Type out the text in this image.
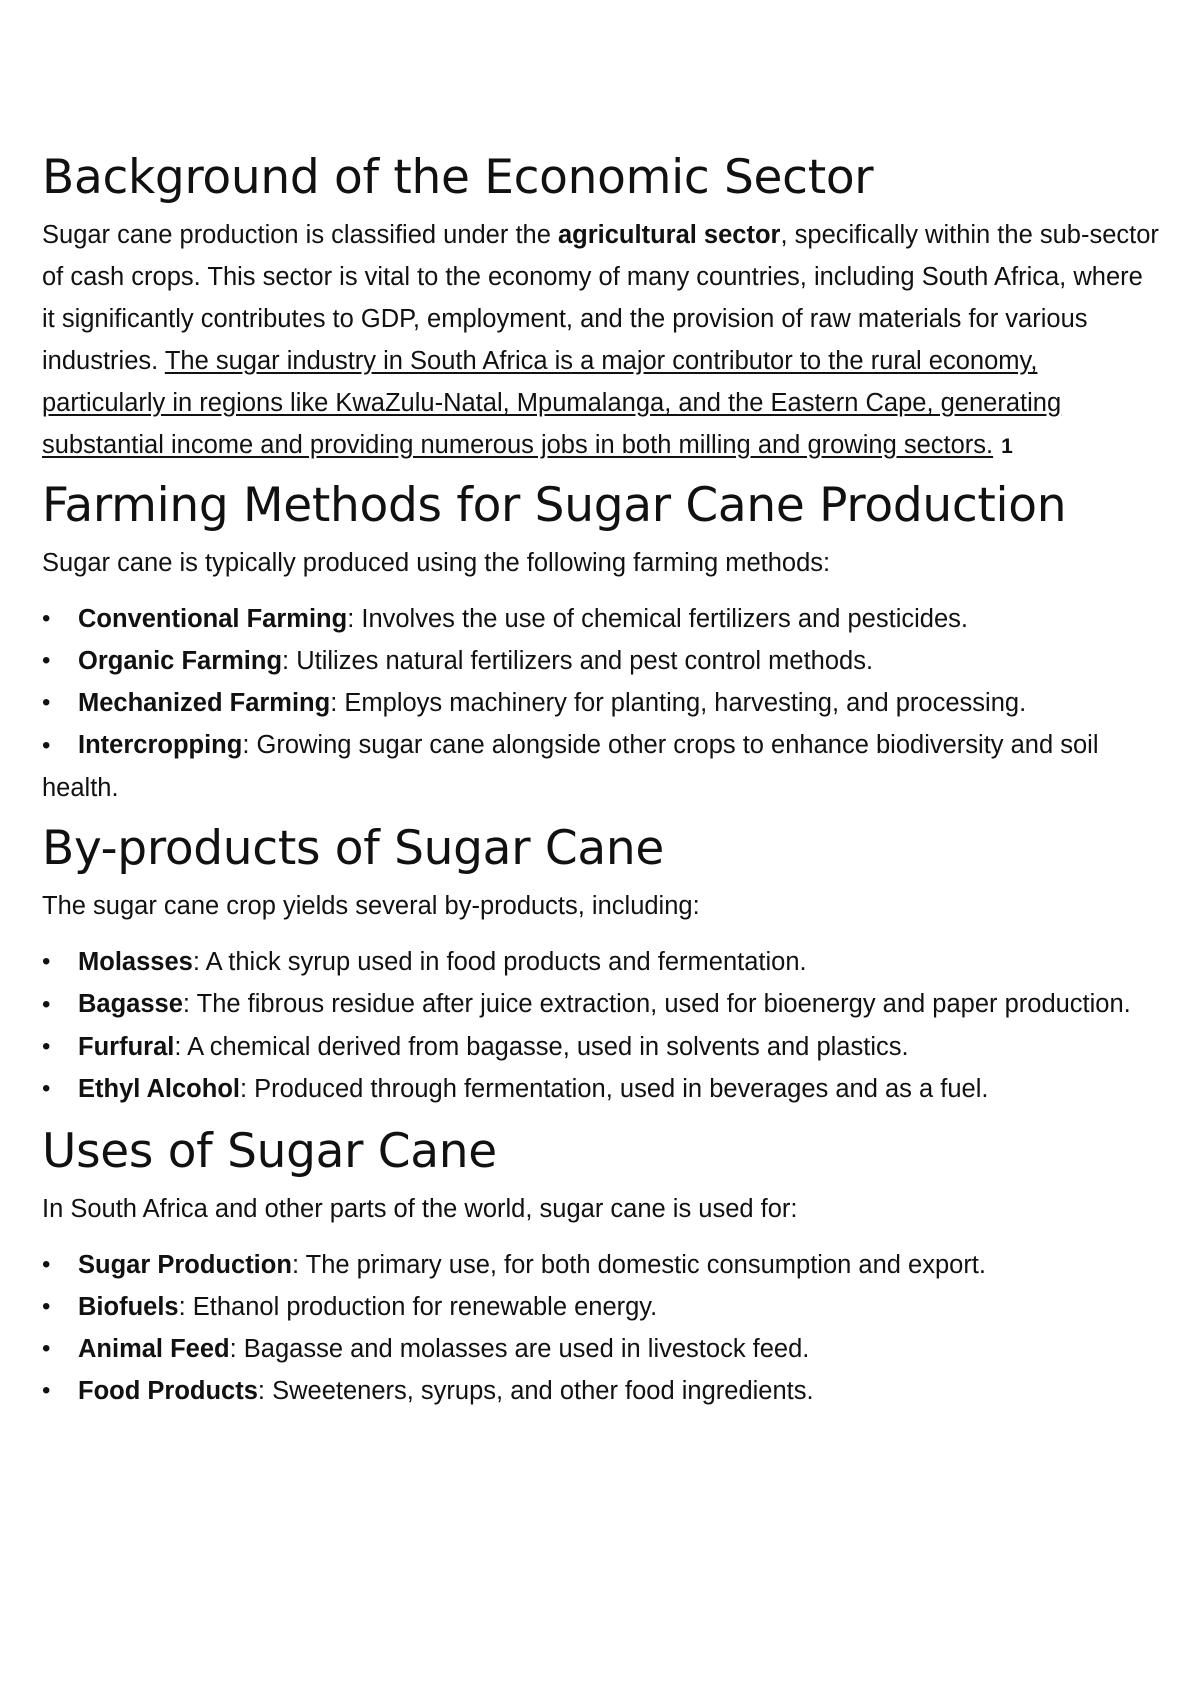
Background of the Economic Sector

Sugar cane production is classified under the agricultural sector, specifically within the sub-sector of cash crops. This sector is vital to the economy of many countries, including South Africa, where it significantly contributes to GDP, employment, and the provision of raw materials for various industries. The sugar industry in South Africa is a major contributor to the rural economy, particularly in regions like KwaZulu-Natal, Mpumalanga, and the Eastern Cape, generating substantial income and providing numerous jobs in both milling and growing sectors. 1

Farming Methods for Sugar Cane Production

Sugar cane is typically produced using the following farming methods:

•	Conventional Farming: Involves the use of chemical fertilizers and pesticides.
•	Organic Farming: Utilizes natural fertilizers and pest control methods.
•	Mechanized Farming: Employs machinery for planting, harvesting, and processing.
• Intercropping: Growing sugar cane alongside other crops to enhance biodiversity and soil health.
By-products of Sugar Cane

The sugar cane crop yields several by-products, including:

•	Molasses: A thick syrup used in food products and fermentation.
• Bagasse: The fibrous residue after juice extraction, used for bioenergy and paper production.
•	Furfural: A chemical derived from bagasse, used in solvents and plastics.
•	Ethyl Alcohol: Produced through fermentation, used in beverages and as a fuel.
Uses of Sugar Cane

In South Africa and other parts of the world, sugar cane is used for:

•	Sugar Production: The primary use, for both domestic consumption and export.
•	Biofuels: Ethanol production for renewable energy.
•	Animal Feed: Bagasse and molasses are used in livestock feed.
•	Food Products: Sweeteners, syrups, and other food ingredients.
